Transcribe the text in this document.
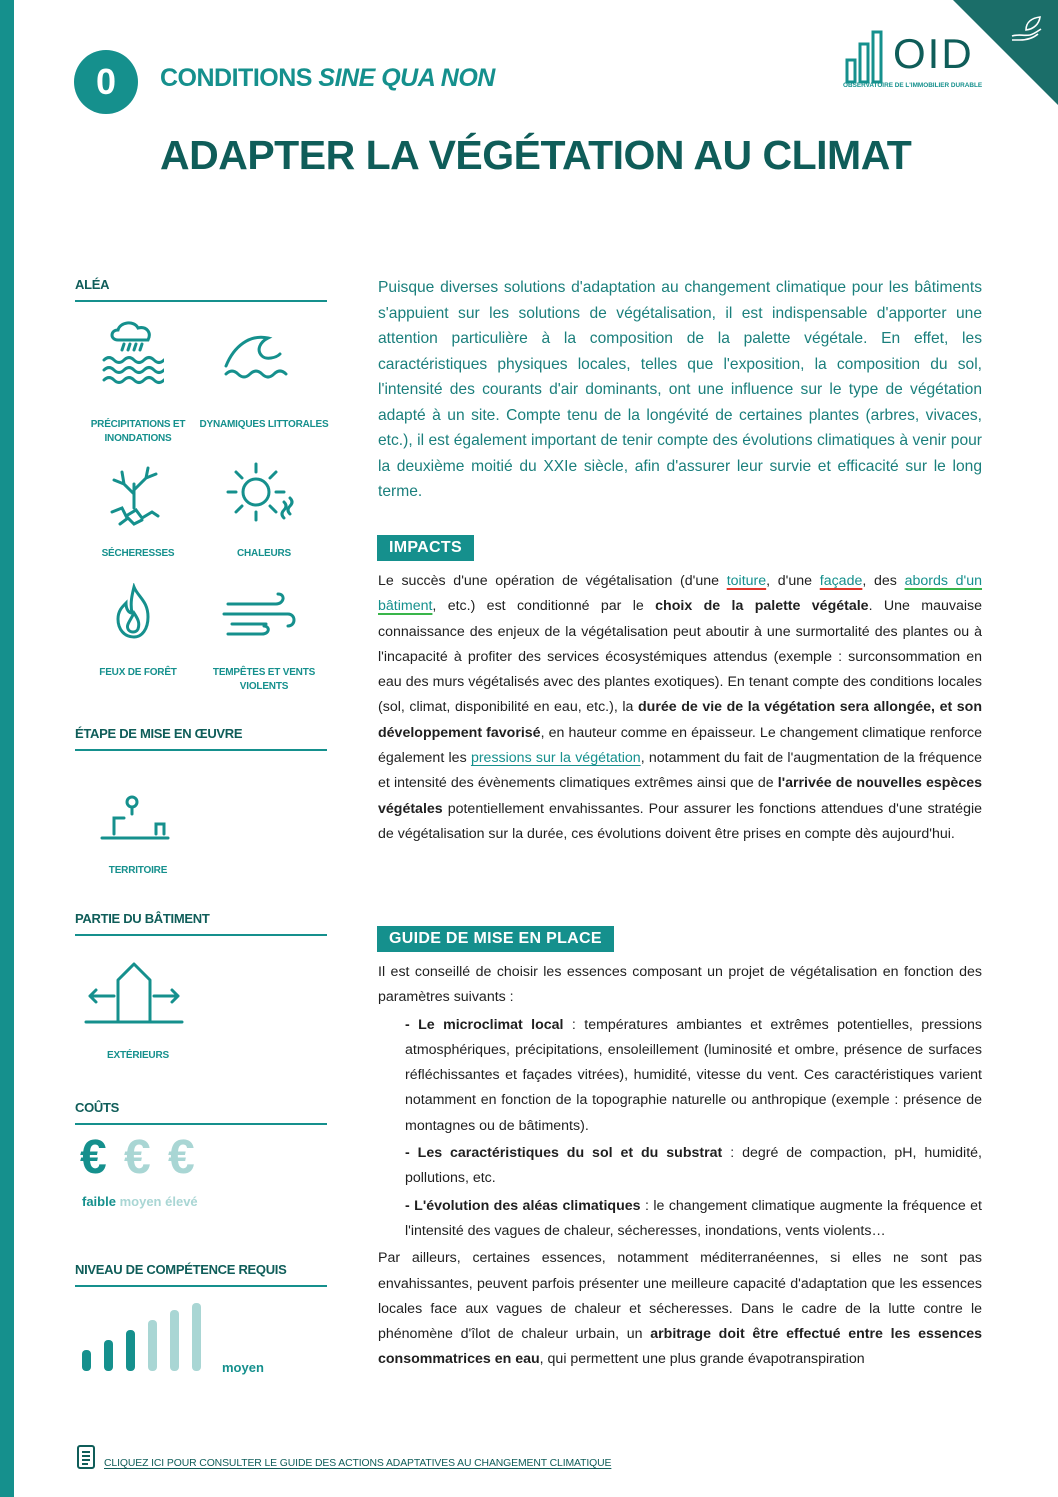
0	CONDITIONS SINE QUA NON
OID
OBSERVATOIRE DE L'IMMOBILIER DURABLE
ADAPTER LA VÉGÉTATION AU CLIMAT
ALÉA
PRÉCIPITATIONS ET INONDATIONS
DYNAMIQUES LITTORALES
SÉCHERESSES	CHALEURS
FEUX DE FORÊT	TEMPÊTES ET VENTS VIOLENTS
ÉTAPE DE MISE EN ŒUVRE
TERRITOIRE
PARTIE DU BÂTIMENT
EXTÉRIEURS
COÛTS
€ € €
faible moyen élevé
NIVEAU DE COMPÉTENCE REQUIS
moyen
Puisque diverses solutions d'adaptation au changement climatique pour les bâtiments s'appuient sur les solutions de végétalisation, il est indispensable d'apporter une attention particulière à la composition de la palette végétale. En effet, les caractéristiques physiques locales, telles que l'exposition, la composition du sol, l'intensité des courants d'air dominants, ont une influence sur le type de végétation adapté à un site. Compte tenu de la longévité de certaines plantes (arbres, vivaces, etc.), il est également important de tenir compte des évolutions climatiques à venir pour la deuxième moitié du XXIe siècle, afin d'assurer leur survie et efficacité sur le long terme.
IMPACTS

Le succès d'une opération de végétalisation (d'une toiture, d'une façade, des abords d'un bâtiment, etc.) est conditionné par le choix de la palette végétale. Une mauvaise connaissance des enjeux de la végétalisation peut aboutir à une surmortalité des plantes ou à l'incapacité à profiter des services écosystémiques attendus (exemple : surconsommation en eau des murs végétalisés avec des plantes exotiques). En tenant compte des conditions locales (sol, climat, disponibilité en eau, etc.), la durée de vie de la végétation sera allongée, et son développement favorisé, en hauteur comme en épaisseur. Le changement climatique renforce également les pressions sur la végétation, notamment du fait de l'augmentation de la fréquence et intensité des évènements climatiques extrêmes ainsi que de l'arrivée de nouvelles espèces végétales potentiellement envahissantes. Pour assurer les fonctions attendues d'une stratégie de végétalisation sur la durée, ces évolutions doivent être prises en compte dès aujourd'hui.

GUIDE DE MISE EN PLACE

Il est conseillé de choisir les essences composant un projet de végétalisation en fonction des paramètres suivants :

- Le microclimat local : températures ambiantes et extrêmes potentielles, pressions atmosphériques, précipitations, ensoleillement (luminosité et ombre, présence de surfaces réfléchissantes et façades vitrées), humidité, vitesse du vent. Ces caractéristiques varient notamment en fonction de la topographie naturelle ou anthropique (exemple : présence de montagnes ou de bâtiments).

- Les caractéristiques du sol et du substrat : degré de compaction, pH, humidité, pollutions, etc.

- L'évolution des aléas climatiques : le changement climatique augmente la fréquence et l'intensité des vagues de chaleur, sécheresses, inondations, vents violents…

Par ailleurs, certaines essences, notamment méditerranéennes, si elles ne sont pas envahissantes, peuvent parfois présenter une meilleure capacité d'adaptation que les essences locales face aux vagues de chaleur et sécheresses. Dans le cadre de la lutte contre le phénomène d'îlot de chaleur urbain, un arbitrage doit être effectué entre les essences consommatrices en eau, qui permettent une plus grande évapotranspiration

CLIQUEZ ICI POUR CONSULTER LE GUIDE DES ACTIONS ADAPTATIVES AU CHANGEMENT CLIMATIQUE
